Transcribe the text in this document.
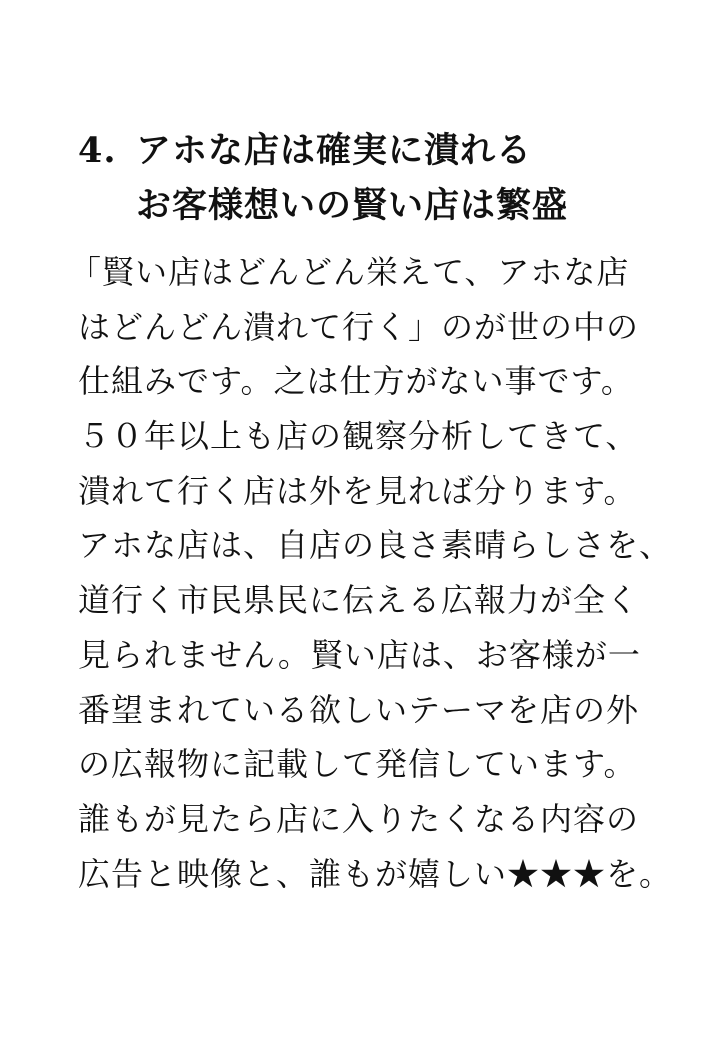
4. アホな店は確実に潰れる
お客様想いの賢い店は繁盛
「賢い店はどんどん栄えて、アホな店
はどんどん潰れて行く」のが世の中の
仕組みです。之は仕方がない事です。
５０年以上も店の観察分析してきて、
潰れて行く店は外を見れば分ります。
アホな店は、自店の良さ素晴らしさを、
道行く市民県民に伝える広報力が全く
見られません。賢い店は、お客様が一
番望まれている欲しいテーマを店の外
の広報物に記載して発信しています。
誰もが見たら店に入りたくなる内容の
広告と映像と、誰もが嬉しい★★★を。
